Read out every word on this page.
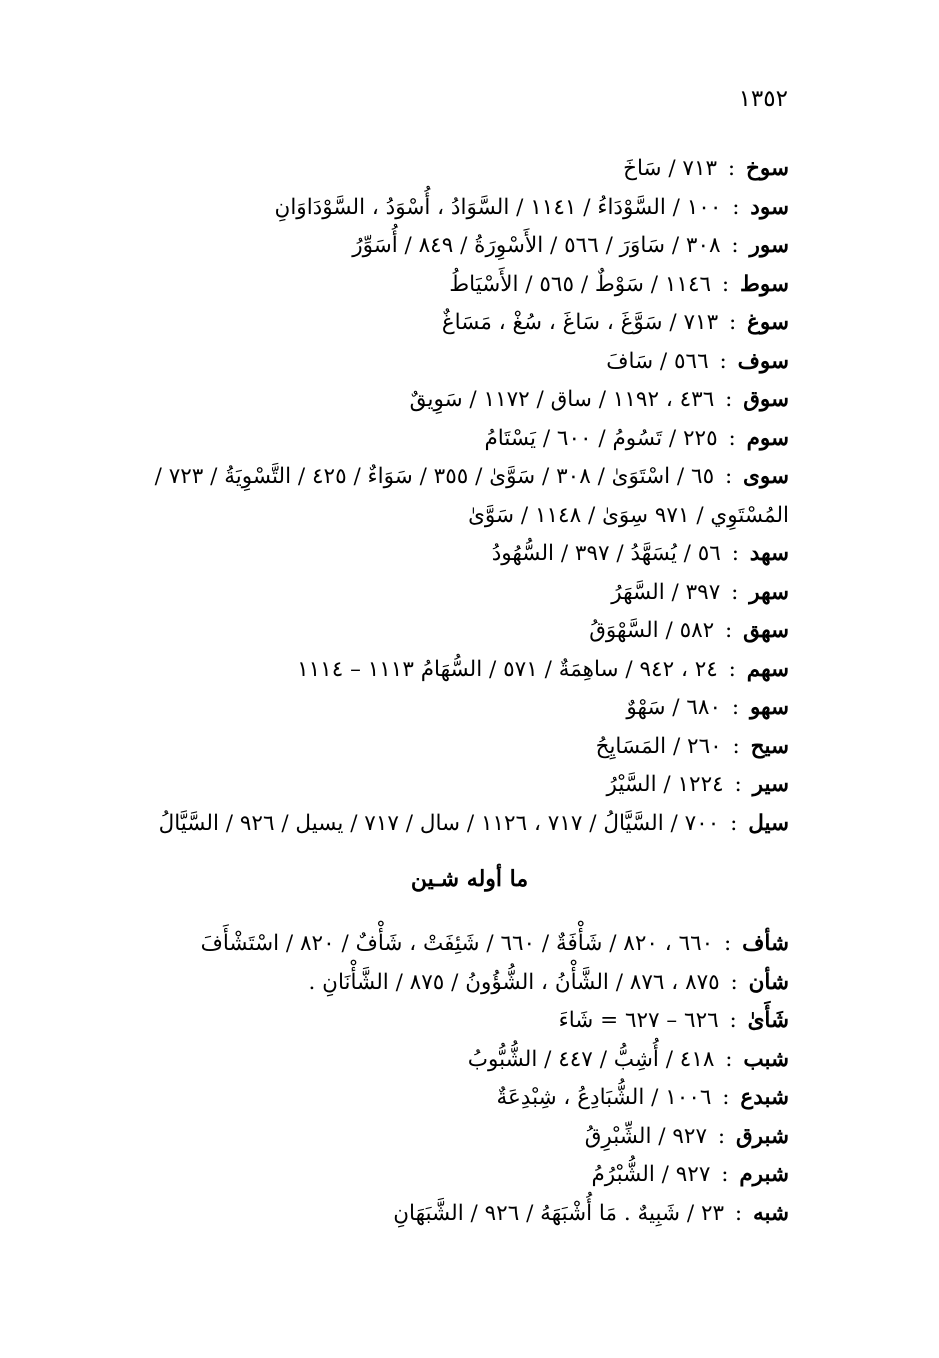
١٣٥٢
سوخ : ٧١٣ / سَاخَ
سود : ١٠٠ / السَّوْدَاءُ / ١١٤١ / السَّوَادُ ، أُسْوَدُ ، السَّوْدَاوَانِ
سور : ٣٠٨ / سَاوَرَ / ٥٦٦ / الأَسْوِرَةُ / ٨٤٩ / أُسَوِّرُ
سوط : ١١٤٦ / سَوْطٌ / ٥٦٥ / الأَسْيَاطُ
سوغ : ٧١٣ / سَوَّغَ ، سَاغَ ، سُغْ ، مَسَاغٌ
سوف : ٥٦٦ / سَافَ
سوق : ٤٣٦ ، ١١٩٢ / ساق / ١١٧٢ / سَوِيقٌ
سوم : ٢٢٥ / تَسُومُ / ٦٠٠ / يَسْتَامُ
سوى : ٦٥ / اسْتَوَىٰ / ٣٠٨ / سَوَّىٰ / ٣٥٥ / سَوَاءٌ / ٤٢٥ / التَّسْوِيَةُ / ٧٢٣ /
المُسْتَوِي / ٩٧١ سِوَىٰ / ١١٤٨ / سَوَّىٰ
سهد : ٥٦ / يُسَهَّدُ / ٣٩٧ / السُّهُودُ
سهر : ٣٩٧ / السَّهَرُ
سهق : ٥٨٢ / السَّهْوَقُ
سهم : ٢٤ ، ٩٤٢ / ساهِمَةٌ / ٥٧١ / السُّهَامُ ١١١٣ – ١١١٤
سهو : ٦٨٠ / سَهْوٌ
سيح : ٢٦٠ / المَسَايِحُ
سير : ١٢٢٤ / السَّيْرُ
سيل : ٧٠٠ / السَّيَّالُ / ٧١٧ ، ١١٢٦ / سال / ٧١٧ / يسيل / ٩٢٦ / السَّيَّالُ
ما أوله شـين
شأف : ٦٦٠ ، ٨٢٠ / شَأْفَةٌ / ٦٦٠ / شَئِفَتْ ، شَأْفٌ / ٨٢٠ / اسْتَشْأَفَ
شأن : ٨٧٥ ، ٨٧٦ / الشَّأْنُ ، الشُّؤُونُ / ٨٧٥ / الشَّأْنَانِ .
شَأَىٰ : ٦٢٦ – ٦٢٧ = شَاءَ
شبب : ٤١٨ / أُشِبُّ / ٤٤٧ / الشُّبُّوبُ
شبدع : ١٠٠٦ / الشُّبَادِعُ ، شِبْدِعَةٌ
شبرق : ٩٢٧ / الشِّبْرِقُ
شبرم : ٩٢٧ / الشُّبْرُمُ
شبه : ٢٣ / شَبِيهٌ . مَا أُشْبَهَهُ / ٩٢٦ / الشَّبَهَانِ
